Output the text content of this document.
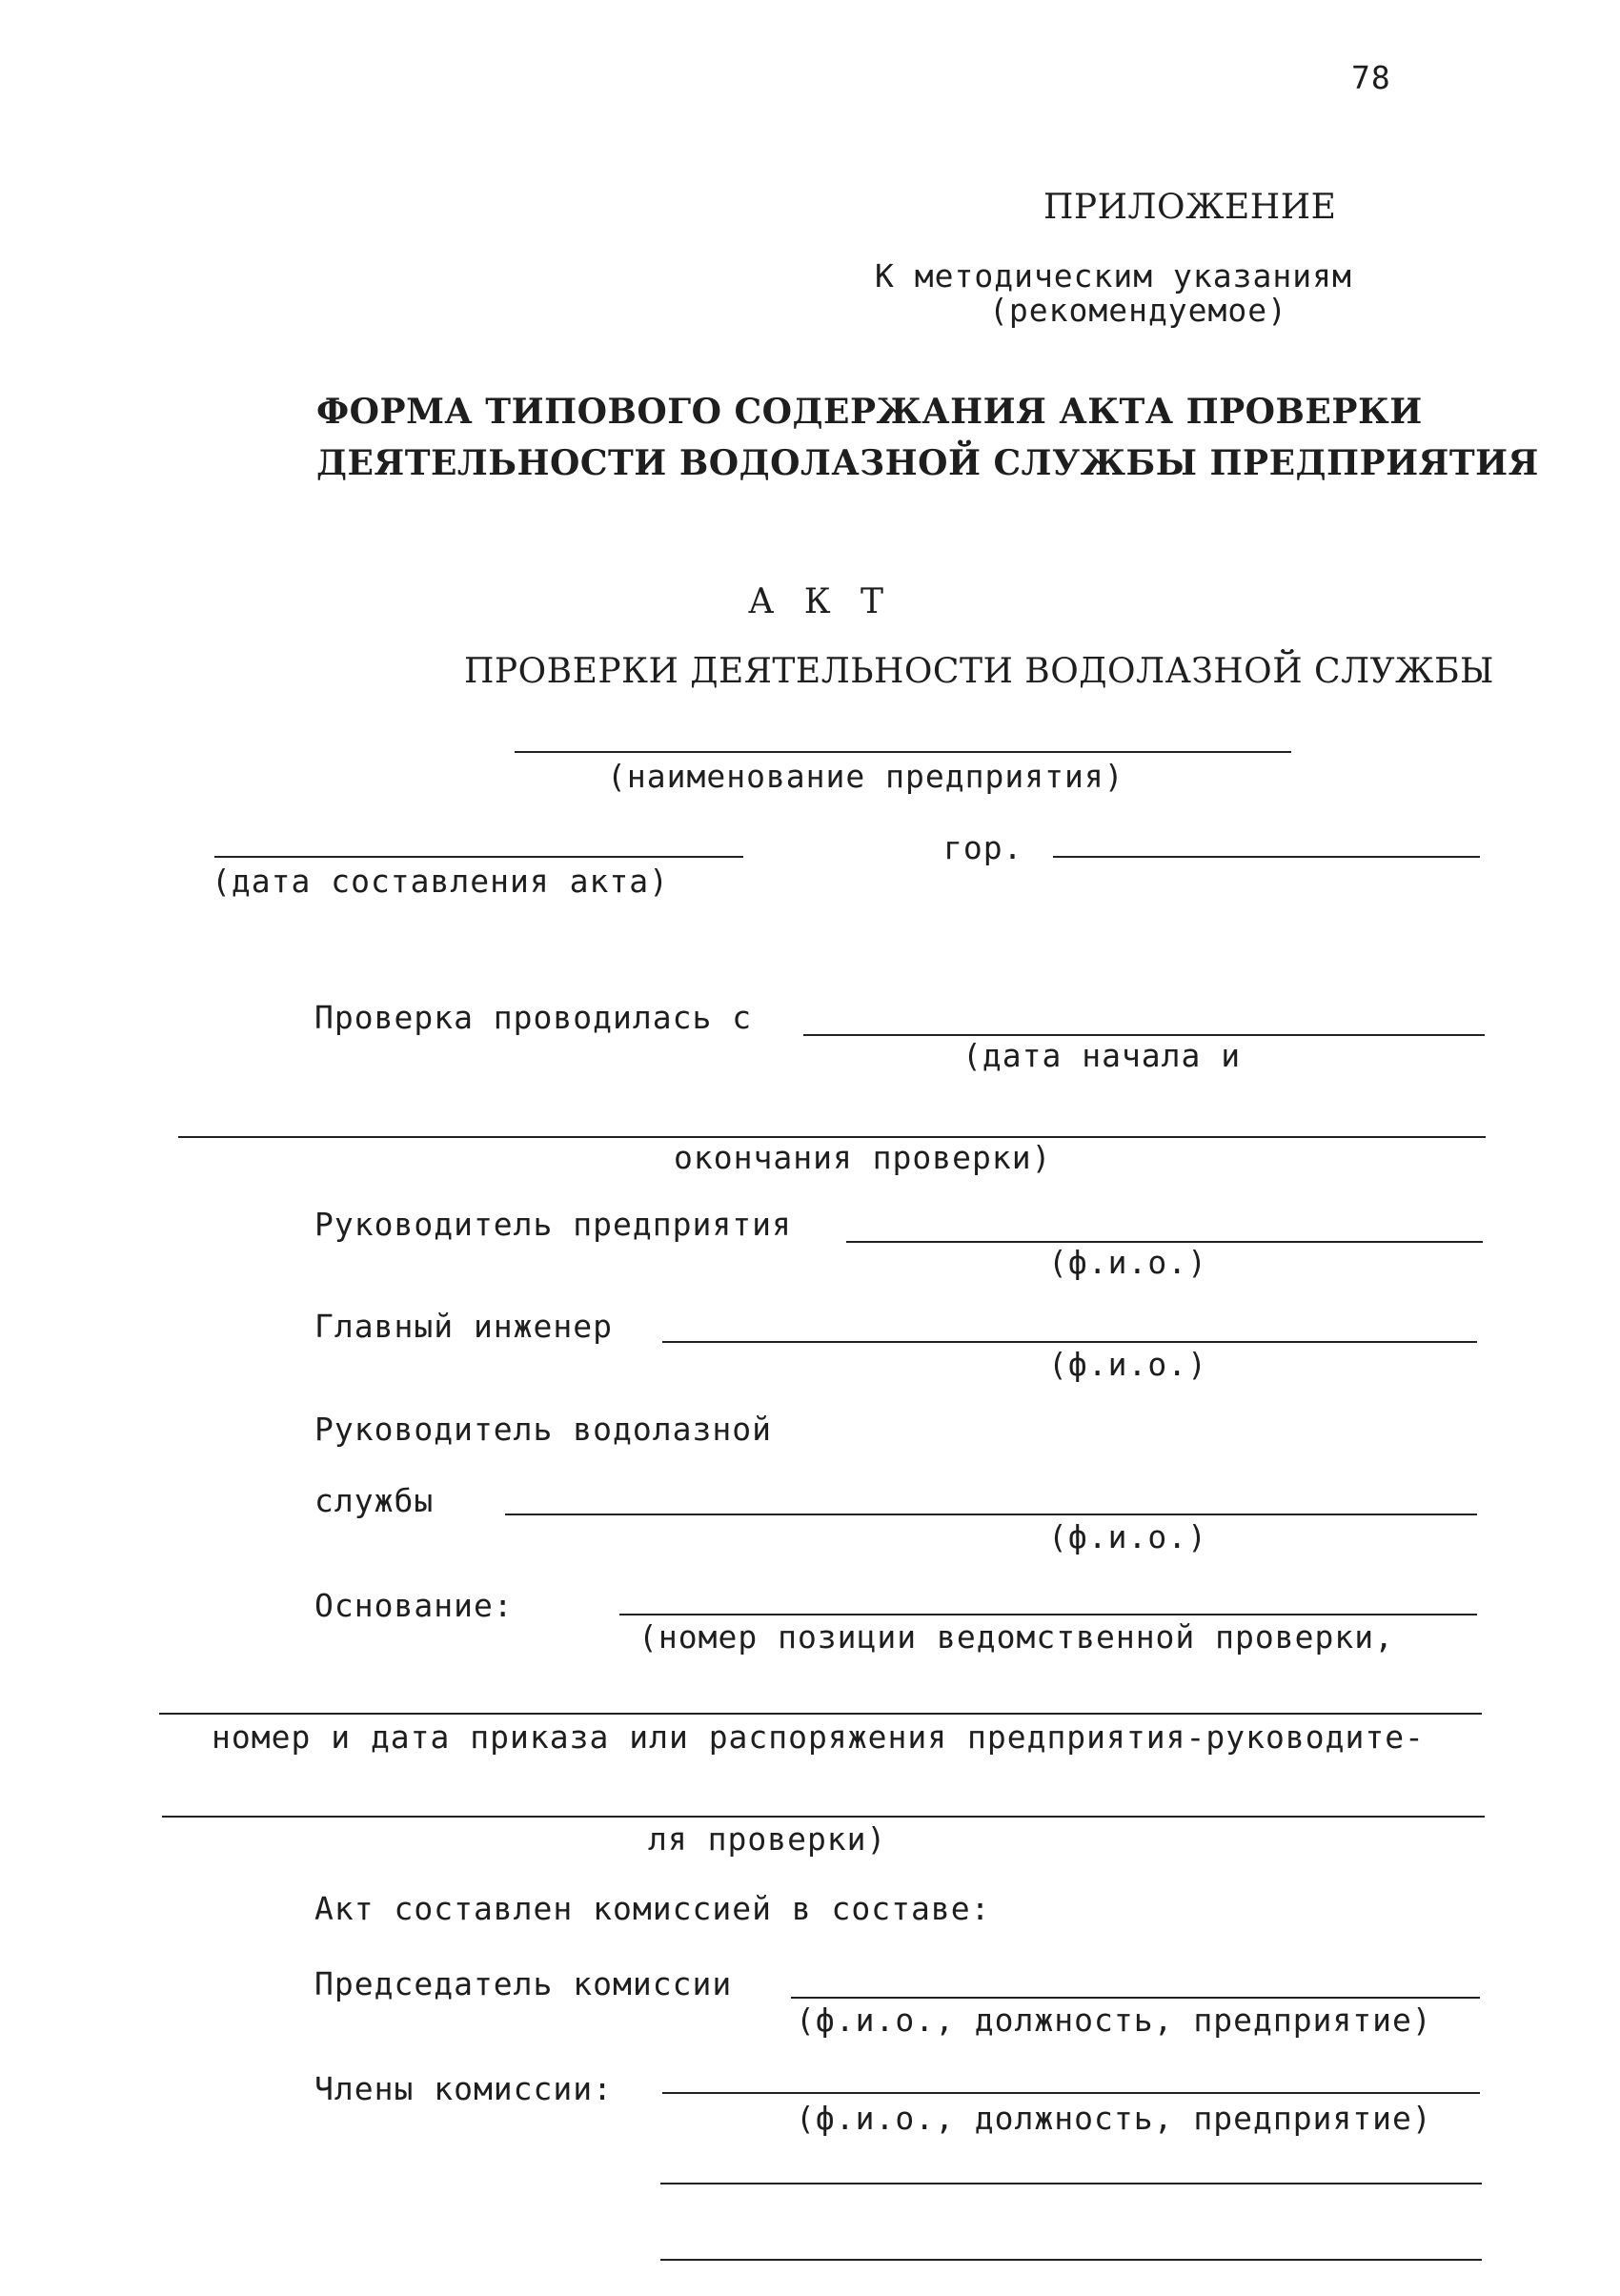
78
ПРИЛОЖЕНИЕ
К методическим указаниям
(рекомендуемое)
ФОРМА ТИПОВОГО СОДЕРЖАНИЯ АКТА ПРОВЕРКИ
ДЕЯТЕЛЬНОСТИ ВОДОЛАЗНОЙ СЛУЖБЫ ПРЕДПРИЯТИЯ
А К Т
ПРОВЕРКИ ДЕЯТЕЛЬНОСТИ ВОДОЛАЗНОЙ СЛУЖБЫ
(наименование предприятия)
гор.
(дата составления акта)
Проверка проводилась с
(дата начала и
окончания проверки)
Руководитель предприятия
(ф.и.о.)
Главный инженер
(ф.и.о.)
Руководитель водолазной
службы
(ф.и.о.)
Основание:
(номер позиции ведомственной проверки,
номер и дата приказа или распоряжения предприятия-руководите-
ля проверки)
Акт составлен комиссией в составе:
Председатель комиссии
(ф.и.о., должность, предприятие)
Члены комиссии:
(ф.и.о., должность, предприятие)
